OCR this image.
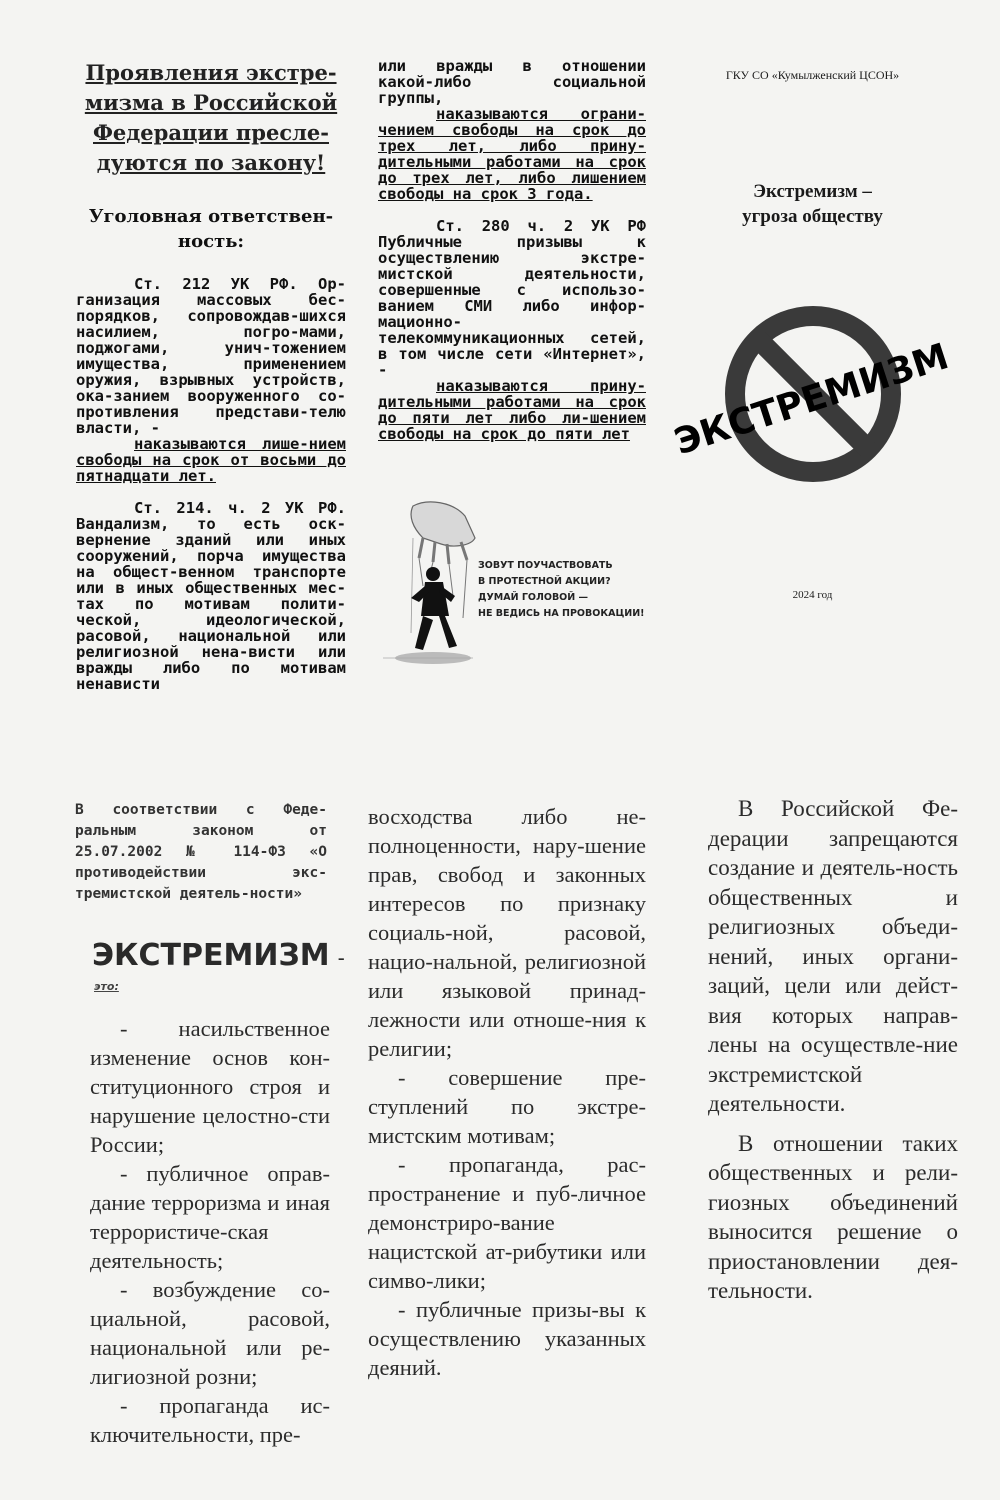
Проявления экстре-мизма в Российской Федерации пресле-дуются по закону!
Уголовная ответствен-ность:
Ст. 212 УК РФ. Ор-ганизация массовых бес-порядков, сопровождав-шихся насилием, погро-мами, поджогами, унич-тожением имущества, применением оружия, взрывных устройств, ока-занием вооруженного со-противления представи-телю власти, -
наказываются лише-нием свободы на срок от восьми до пятнадцати лет.
Ст. 214. ч. 2 УК РФ. Вандализм, то есть оск-вернение зданий или иных сооружений, порча имущества на общест-венном транспорте или в иных общественных мес-тах по мотивам полити-ческой, идеологической, расовой, национальной или религиозной нена-висти или вражды либо по мотивам ненависти
или вражды в отношении какой-либо социальной группы,
наказываются ограни-чением свободы на срок до трех лет, либо прину-дительными работами на срок до трех лет, либо лишением свободы на срок 3 года.
Ст. 280 ч. 2 УК РФ Публичные призывы к осуществлению экстре-мистской деятельности, совершенные с использо-ванием СМИ либо инфор-мационно-телекоммуникационных сетей, в том числе сети «Интернет», -
наказываются прину-дительными работами на срок до пяти лет либо ли-шением свободы на срок до пяти лет
ЗОВУТ ПОУЧАСТВОВАТЬ
В ПРОТЕСТНОЙ АКЦИИ?
ДУМАЙ ГОЛОВОЙ —
НЕ ВЕДИСЬ НА ПРОВОКАЦИИ!
ГКУ СО «Кумылженский ЦСОН»
Экстремизм –
угроза обществу
ЭКСТРЕМИЗМ
2024 год
В соответствии с Феде-ральным законом от 25.07.2002 № 114-ФЗ «О противодействии экс-тремистской деятель-ности»
ЭКСТРЕМИЗМ -
это:
- насильственное изменение основ кон-ституционного строя и нарушение целостно-сти России;
- публичное оправ-дание терроризма и иная террористиче-ская деятельность;
- возбуждение со-циальной, расовой, национальной или ре-лигиозной розни;
- пропаганда ис-ключительности, пре-
восходства либо не-полноценности, нару-шение прав, свобод и законных интересов по признаку социаль-ной, расовой, нацио-нальной, религиозной или языковой принад-лежности или отноше-ния к религии;
- совершение пре-ступлений по экстре-мистским мотивам;
- пропаганда, рас-пространение и пуб-личное демонстриро-вание нацистской ат-рибутики или симво-лики;
- публичные призы-вы к осуществлению указанных деяний.
В Российской Фе-дерации запрещаются создание и деятель-ность общественных и религиозных объеди-нений, иных органи-заций, цели или дейст-вия которых направ-лены на осуществле-ние экстремистской деятельности.
В отношении таких общественных и рели-гиозных объединений выносится решение о приостановлении дея-тельности.
